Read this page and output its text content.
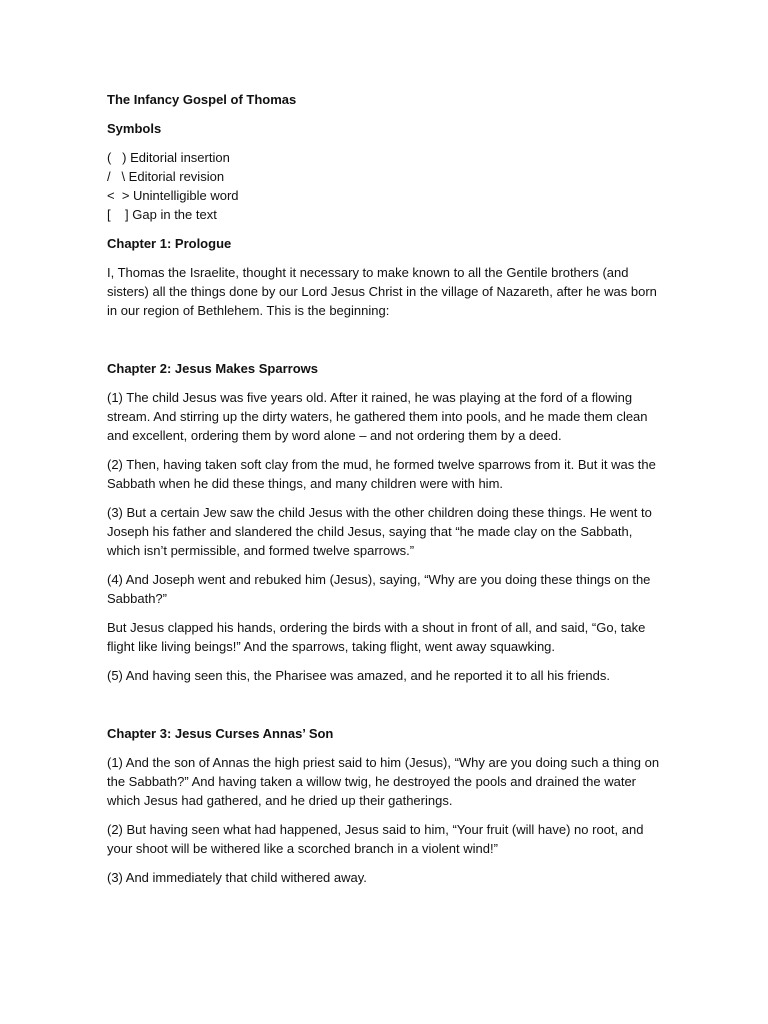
The Infancy Gospel of Thomas

Symbols

(   ) Editorial insertion
/   \ Editorial revision
<  > Unintelligible word
[    ] Gap in the text

Chapter 1: Prologue

I, Thomas the Israelite, thought it necessary to make known to all the Gentile brothers (and sisters) all the things done by our Lord Jesus Christ in the village of Nazareth, after he was born in our region of Bethlehem. This is the beginning:

Chapter 2: Jesus Makes Sparrows

(1) The child Jesus was five years old. After it rained, he was playing at the ford of a flowing stream. And stirring up the dirty waters, he gathered them into pools, and he made them clean and excellent, ordering them by word alone – and not ordering them by a deed.

(2) Then, having taken soft clay from the mud, he formed twelve sparrows from it. But it was the Sabbath when he did these things, and many children were with him.

(3) But a certain Jew saw the child Jesus with the other children doing these things. He went to Joseph his father and slandered the child Jesus, saying that “he made clay on the Sabbath, which isn’t permissible, and formed twelve sparrows.”

(4) And Joseph went and rebuked him (Jesus), saying, “Why are you doing these things on the Sabbath?”

But Jesus clapped his hands, ordering the birds with a shout in front of all, and said, “Go, take flight like living beings!” And the sparrows, taking flight, went away squawking.

(5) And having seen this, the Pharisee was amazed, and he reported it to all his friends.

Chapter 3: Jesus Curses Annas’ Son

(1) And the son of Annas the high priest said to him (Jesus), “Why are you doing such a thing on the Sabbath?” And having taken a willow twig, he destroyed the pools and drained the water which Jesus had gathered, and he dried up their gatherings.

(2) But having seen what had happened, Jesus said to him, “Your fruit (will have) no root, and your shoot will be withered like a scorched branch in a violent wind!”

(3) And immediately that child withered away.
